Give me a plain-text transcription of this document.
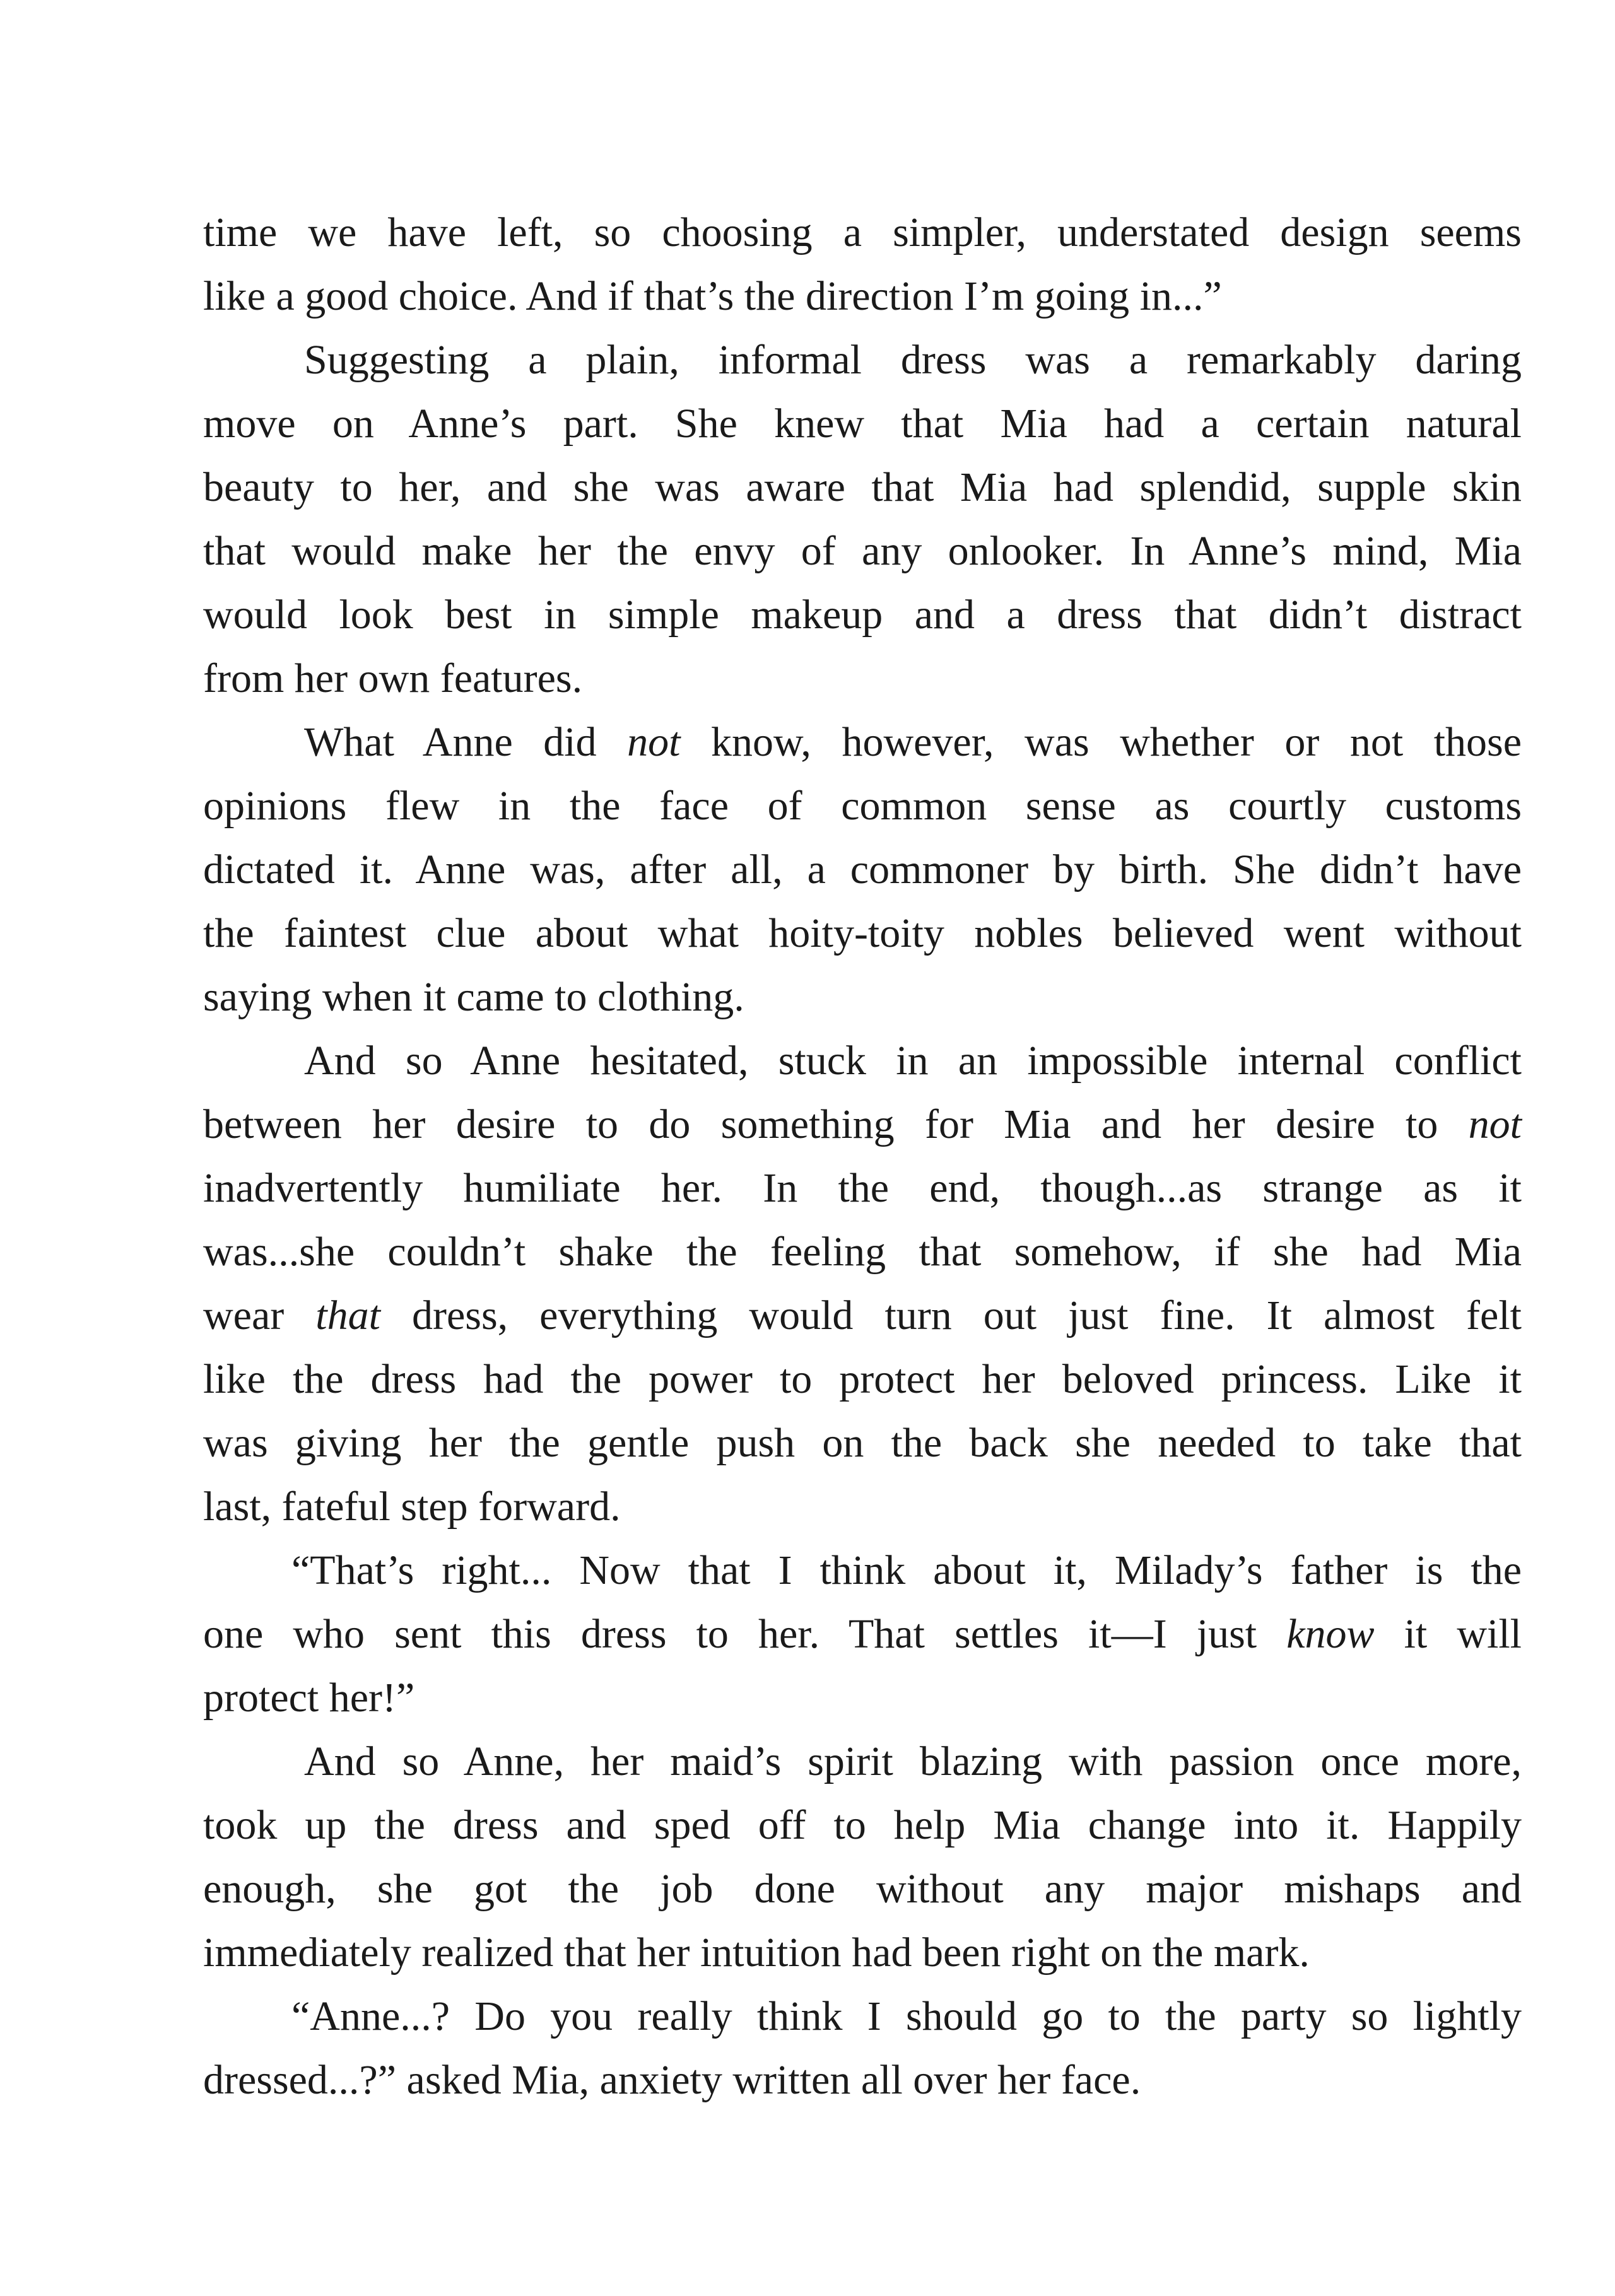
time we have left, so choosing a simpler, understated design seems
like a good choice. And if that’s the direction I’m going in...”
Suggesting a plain, informal dress was a remarkably daring
move on Anne’s part. She knew that Mia had a certain natural
beauty to her, and she was aware that Mia had splendid, supple skin
that would make her the envy of any onlooker. In Anne’s mind, Mia
would look best in simple makeup and a dress that didn’t distract
from her own features.
What Anne did not know, however, was whether or not those
opinions flew in the face of common sense as courtly customs
dictated it. Anne was, after all, a commoner by birth. She didn’t have
the faintest clue about what hoity-toity nobles believed went without
saying when it came to clothing.
And so Anne hesitated, stuck in an impossible internal conflict
between her desire to do something for Mia and her desire to not
inadvertently humiliate her. In the end, though...as strange as it
was...she couldn’t shake the feeling that somehow, if she had Mia
wear that dress, everything would turn out just fine. It almost felt
like the dress had the power to protect her beloved princess. Like it
was giving her the gentle push on the back she needed to take that
last, fateful step forward.
“That’s right... Now that I think about it, Milady’s father is the
one who sent this dress to her. That settles it—I just know it will
protect her!”
And so Anne, her maid’s spirit blazing with passion once more,
took up the dress and sped off to help Mia change into it. Happily
enough, she got the job done without any major mishaps and
immediately realized that her intuition had been right on the mark.
“Anne...? Do you really think I should go to the party so lightly
dressed...?” asked Mia, anxiety written all over her face.
